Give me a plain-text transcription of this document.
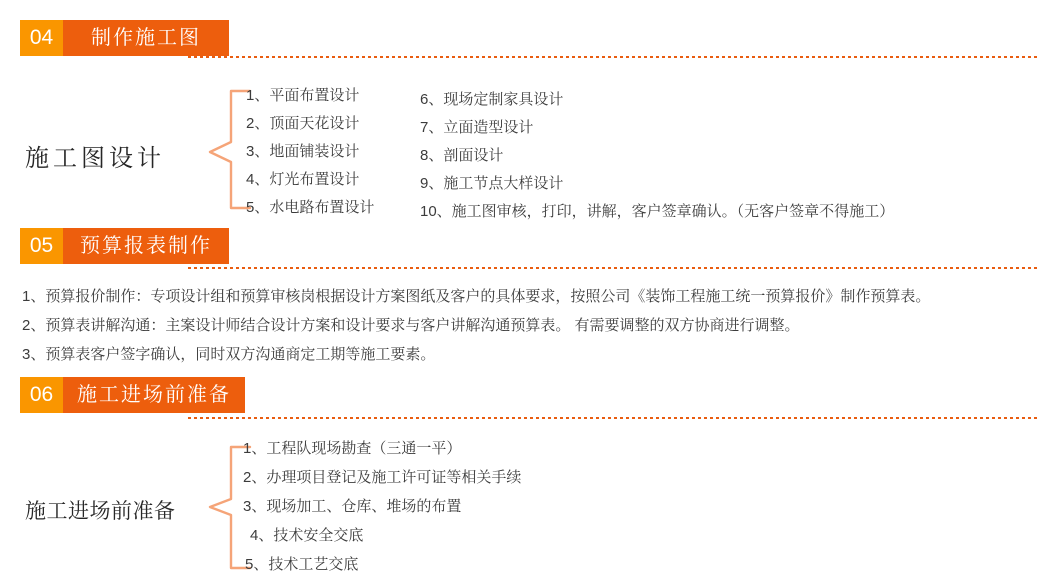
04	制作施工图
施工图设计
1、平面布置设计
2、顶面天花设计
3、地面铺装设计
4、灯光布置设计
5、水电路布置设计
6、现场定制家具设计
7、立面造型设计
8、剖面设计
9、施工节点大样设计
10、施工图审核，打印，讲解，客户签章确认。（无客户签章不得施工）
05	预算报表制作
1、预算报价制作：专项设计组和预算审核岗根据设计方案图纸及客户的具体要求，按照公司《装饰工程施工统一预算报价》制作预算表。
2、预算表讲解沟通：主案设计师结合设计方案和设计要求与客户讲解沟通预算表。 有需要调整的双方协商进行调整。
3、预算表客户签字确认，同时双方沟通商定工期等施工要素。
06	施工进场前准备
施工进场前准备
1、工程队现场勘查（三通一平）
2、办理项目登记及施工许可证等相关手续
3、现场加工、仓库、堆场的布置
4、技术安全交底
5、技术工艺交底
